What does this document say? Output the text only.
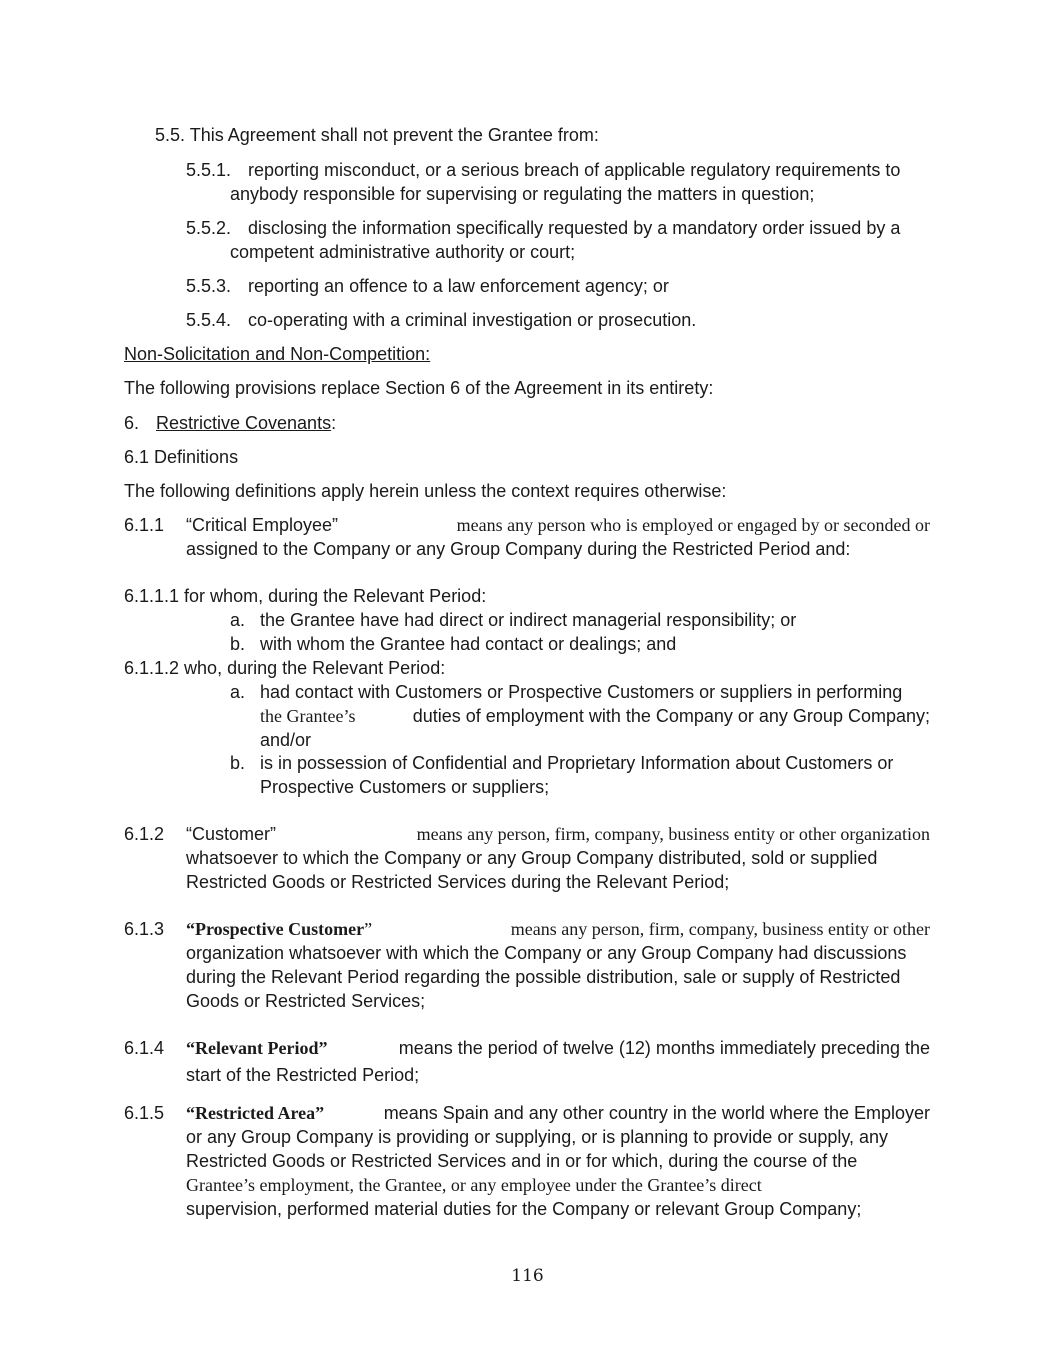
5.5. This Agreement shall not prevent the Grantee from:
5.5.1. reporting misconduct, or a serious breach of applicable regulatory requirements to
anybody responsible for supervising or regulating the matters in question;
5.5.2. disclosing the information specifically requested by a mandatory order issued by a
competent administrative authority or court;
5.5.3. reporting an offence to a law enforcement agency; or
5.5.4. co-operating with a criminal investigation or prosecution.
Non-Solicitation and Non-Competition:
The following provisions replace Section 6 of the Agreement in its entirety:
6. Restrictive Covenants:
6.1 Definitions
The following definitions apply herein unless the context requires otherwise:
6.1.1 “Critical Employee”	means any person who is employed or engaged by or seconded or
assigned to the Company or any Group Company during the Restricted Period and:
6.1.1.1 for whom, during the Relevant Period:
a. the Grantee have had direct or indirect managerial responsibility; or
b. with whom the Grantee had contact or dealings; and
6.1.1.2 who, during the Relevant Period:
a. had contact with Customers or Prospective Customers or suppliers in performing
the Grantee’s	duties of employment with the Company or any Group Company;
and/or
b. is in possession of Confidential and Proprietary Information about Customers or
Prospective Customers or suppliers;
6.1.2 “Customer”	means any person, firm, company, business entity or other organization
whatsoever to which the Company or any Group Company distributed, sold or supplied
Restricted Goods or Restricted Services during the Relevant Period;
6.1.3 “Prospective Customer”	means any person, firm, company, business entity or other
organization whatsoever with which the Company or any Group Company had discussions
during the Relevant Period regarding the possible distribution, sale or supply of Restricted
Goods or Restricted Services;
6.1.4 “Relevant Period”	means the period of twelve (12) months immediately preceding the
start of the Restricted Period;
6.1.5 “Restricted Area”	means Spain and any other country in the world where the Employer
or any Group Company is providing or supplying, or is planning to provide or supply, any
Restricted Goods or Restricted Services and in or for which, during the course of the
Grantee’s employment, the Grantee, or any employee under the Grantee’s direct
supervision, performed material duties for the Company or relevant Group Company;
116
